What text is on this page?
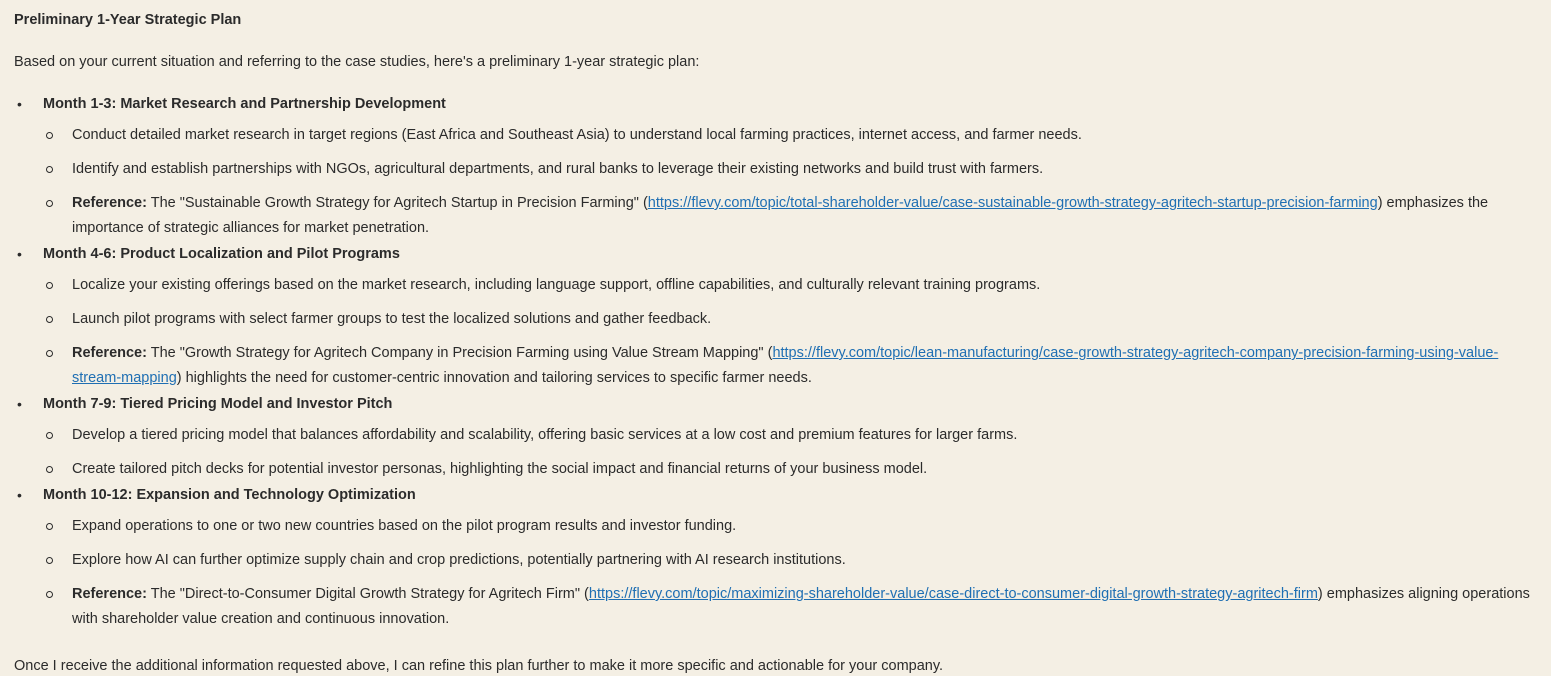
Preliminary 1-Year Strategic Plan

Based on your current situation and referring to the case studies, here's a preliminary 1-year strategic plan:

• Month 1-3: Market Research and Partnership Development
Conduct detailed market research in target regions (East Africa and Southeast Asia) to understand local farming practices, internet access, and farmer needs.
Identify and establish partnerships with NGOs, agricultural departments, and rural banks to leverage their existing networks and build trust with farmers.
Reference: The "Sustainable Growth Strategy for Agritech Startup in Precision Farming" (https://flevy.com/topic/total-shareholder-value/case-sustainable-growth-strategy-agritech-startup-precision-farming) emphasizes the importance of strategic alliances for market penetration.
• Month 4-6: Product Localization and Pilot Programs
Localize your existing offerings based on the market research, including language support, offline capabilities, and culturally relevant training programs.
Launch pilot programs with select farmer groups to test the localized solutions and gather feedback.
Reference: The "Growth Strategy for Agritech Company in Precision Farming using Value Stream Mapping" (https://flevy.com/topic/lean-manufacturing/case-growth-strategy-agritech-company-precision-farming-using-value-stream-mapping) highlights the need for customer-centric innovation and tailoring services to specific farmer needs.
• Month 7-9: Tiered Pricing Model and Investor Pitch
Develop a tiered pricing model that balances affordability and scalability, offering basic services at a low cost and premium features for larger farms.
Create tailored pitch decks for potential investor personas, highlighting the social impact and financial returns of your business model.
• Month 10-12: Expansion and Technology Optimization
Expand operations to one or two new countries based on the pilot program results and investor funding.
Explore how AI can further optimize supply chain and crop predictions, potentially partnering with AI research institutions.
Reference: The "Direct-to-Consumer Digital Growth Strategy for Agritech Firm" (https://flevy.com/topic/maximizing-shareholder-value/case-direct-to-consumer-digital-growth-strategy-agritech-firm) emphasizes aligning operations with shareholder value creation and continuous innovation.

Once I receive the additional information requested above, I can refine this plan further to make it more specific and actionable for your company.
